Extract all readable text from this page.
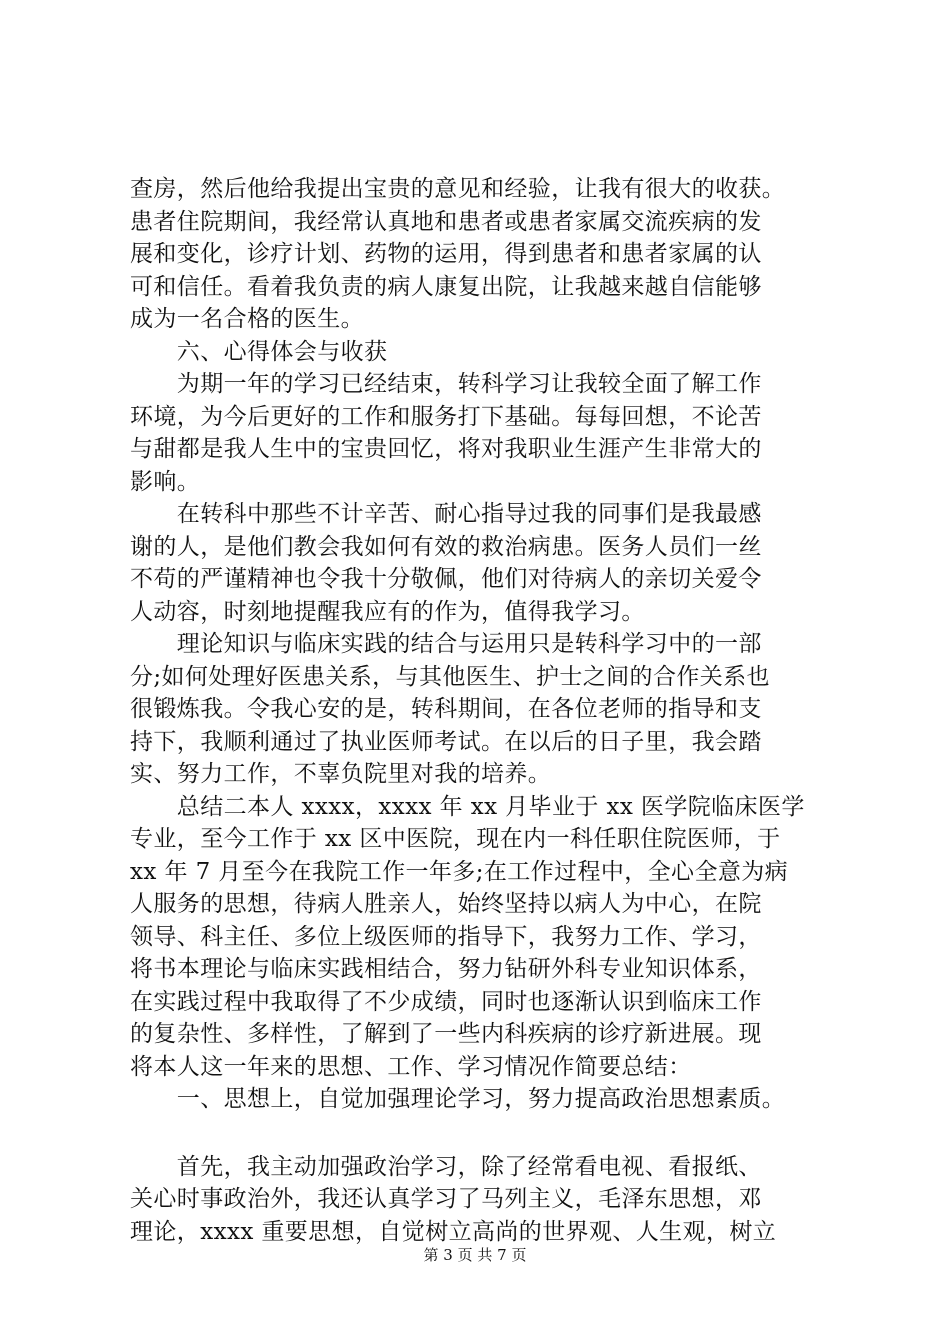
查房，然后他给我提出宝贵的意见和经验，让我有很大的收获。
患者住院期间，我经常认真地和患者或患者家属交流疾病的发
展和变化，诊疗计划、药物的运用，得到患者和患者家属的认
可和信任。看着我负责的病人康复出院，让我越来越自信能够
成为一名合格的医生。
　　六、心得体会与收获
　　为期一年的学习已经结束，转科学习让我较全面了解工作
环境，为今后更好的工作和服务打下基础。每每回想，不论苦
与甜都是我人生中的宝贵回忆，将对我职业生涯产生非常大的
影响。
　　在转科中那些不计辛苦、耐心指导过我的同事们是我最感
谢的人，是他们教会我如何有效的救治病患。医务人员们一丝
不苟的严谨精神也令我十分敬佩，他们对待病人的亲切关爱令
人动容，时刻地提醒我应有的作为，值得我学习。
　　理论知识与临床实践的结合与运用只是转科学习中的一部
分;如何处理好医患关系，与其他医生、护士之间的合作关系也
很锻炼我。令我心安的是，转科期间，在各位老师的指导和支
持下，我顺利通过了执业医师考试。在以后的日子里，我会踏
实、努力工作，不辜负院里对我的培养。
　　总结二本人 xxxx，xxxx 年 xx 月毕业于 xx 医学院临床医学
专业，至今工作于 xx 区中医院，现在内一科任职住院医师，于
xx 年 7 月至今在我院工作一年多;在工作过程中，全心全意为病
人服务的思想，待病人胜亲人，始终坚持以病人为中心，在院
领导、科主任、多位上级医师的指导下，我努力工作、学习，
将书本理论与临床实践相结合，努力钻研外科专业知识体系，
在实践过程中我取得了不少成绩，同时也逐渐认识到临床工作
的复杂性、多样性，了解到了一些内科疾病的诊疗新进展。现
将本人这一年来的思想、工作、学习情况作简要总结：
　　一、思想上，自觉加强理论学习，努力提高政治思想素质。
　　首先，我主动加强政治学习，除了经常看电视、看报纸、
关心时事政治外，我还认真学习了马列主义，毛泽东思想，邓
理论，xxxx 重要思想，自觉树立高尚的世界观、人生观，树立
第 3 页 共 7 页
